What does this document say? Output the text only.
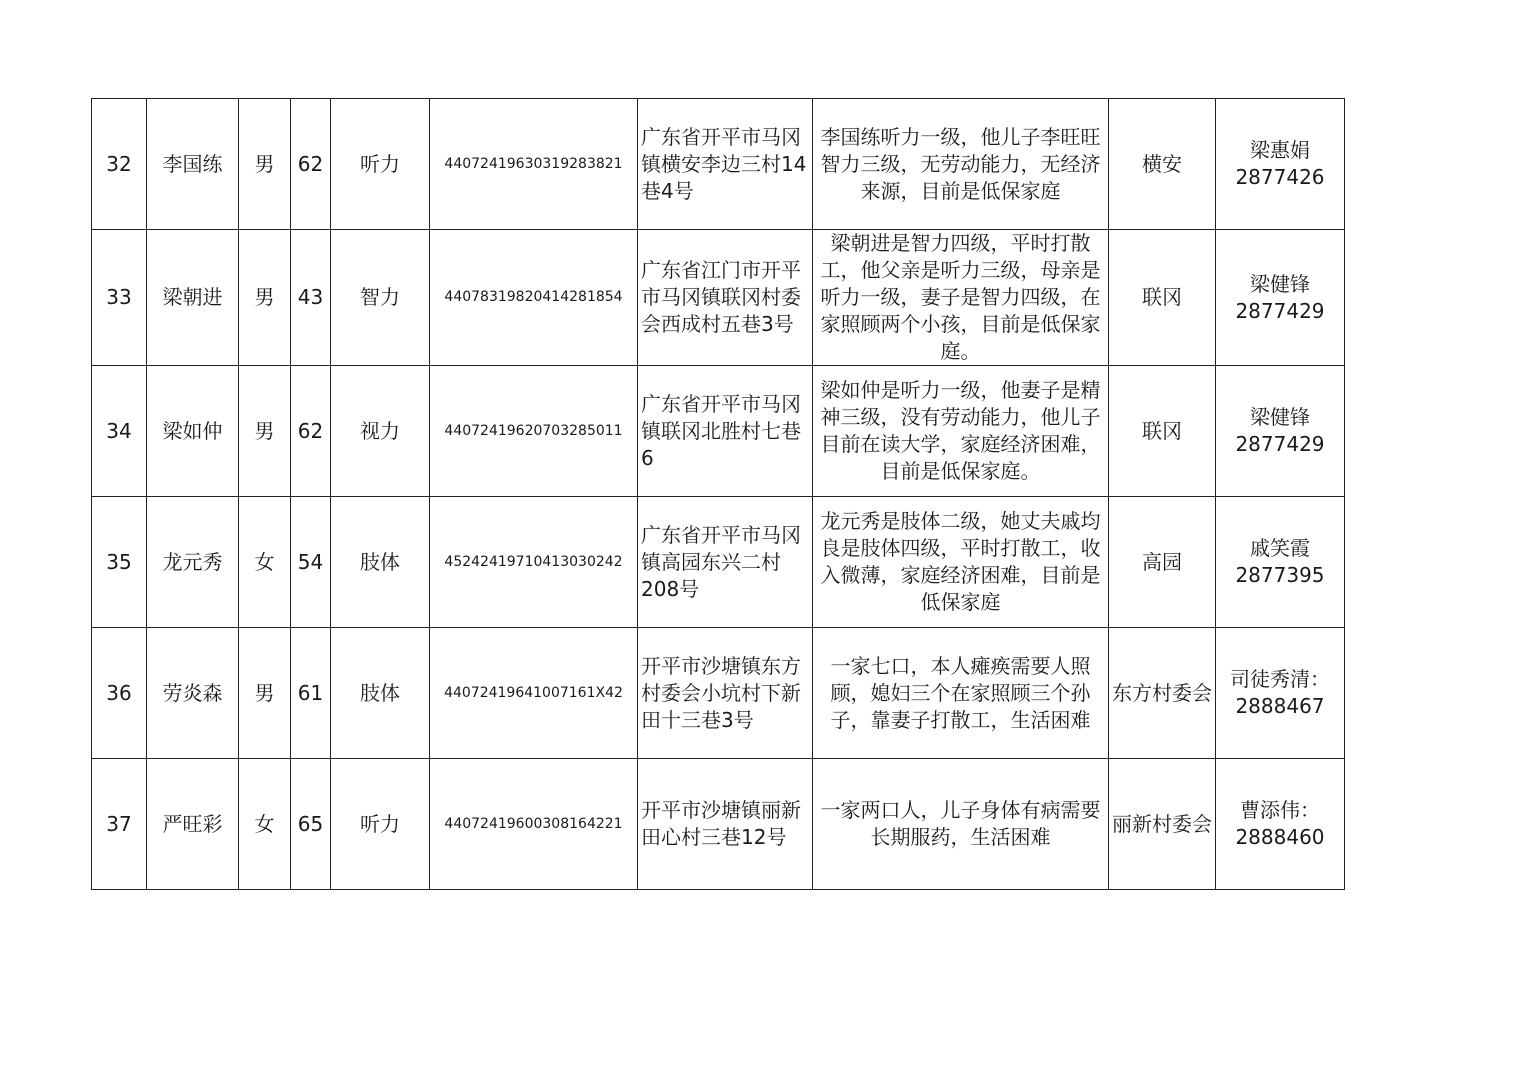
32	李国练	男	62	听力	44072419630319283821	广东省开平市马冈镇横安李边三村14巷4号	李国练听力一级，他儿子李旺旺智力三级，无劳动能力，无经济来源，目前是低保家庭	横安	梁惠娟
2877426

33	梁朝进	男	43	智力	44078319820414281854	广东省江门市开平市马冈镇联冈村委会西成村五巷3号	梁朝进是智力四级，平时打散工，他父亲是听力三级，母亲是听力一级，妻子是智力四级，在家照顾两个小孩，目前是低保家庭。	联冈	梁健锋
2877429

34	梁如仲	男	62	视力	44072419620703285011	广东省开平市马冈镇联冈北胜村七巷6	梁如仲是听力一级，他妻子是精神三级，没有劳动能力，他儿子目前在读大学，家庭经济困难，目前是低保家庭。	联冈	梁健锋
2877429

35	龙元秀	女	54	肢体	45242419710413030242	广东省开平市马冈镇高园东兴二村208号	龙元秀是肢体二级，她丈夫戚均良是肢体四级，平时打散工，收入微薄，家庭经济困难，目前是低保家庭	高园	戚笑霞
2877395

36	劳炎森	男	61	肢体	44072419641007161X42	开平市沙塘镇东方村委会小坑村下新田十三巷3号	一家七口，本人瘫痪需要人照顾，媳妇三个在家照顾三个孙子，靠妻子打散工，生活困难	东方村委会	司徒秀清：
2888467

37	严旺彩	女	65	听力	44072419600308164221	开平市沙塘镇丽新田心村三巷12号	一家两口人，儿子身体有病需要长期服药，生活困难	丽新村委会	曹添伟：
2888460
